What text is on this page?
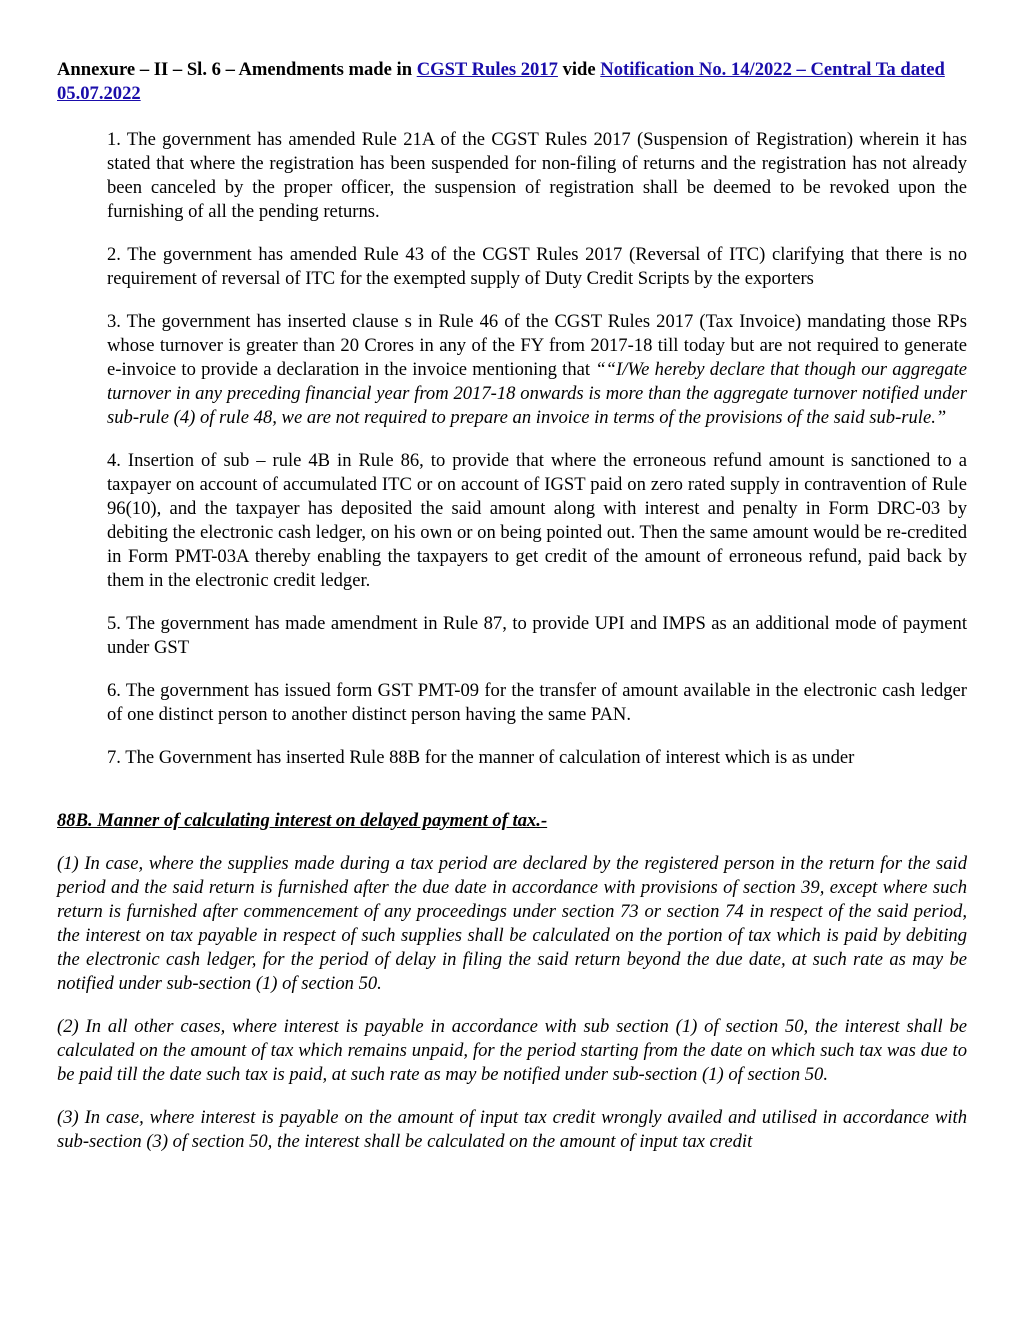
Annexure – II – Sl. 6 – Amendments made in CGST Rules 2017 vide Notification No. 14/2022 – Central Ta dated 05.07.2022

1. The government has amended Rule 21A of the CGST Rules 2017 (Suspension of Registration) wherein it has stated that where the registration has been suspended for non-filing of returns and the registration has not already been canceled by the proper officer, the suspension of registration shall be deemed to be revoked upon the furnishing of all the pending returns.

2. The government has amended Rule 43 of the CGST Rules 2017 (Reversal of ITC) clarifying that there is no requirement of reversal of ITC for the exempted supply of Duty Credit Scripts by the exporters

3. The government has inserted clause s in Rule 46 of the CGST Rules 2017 (Tax Invoice) mandating those RPs whose turnover is greater than 20 Crores in any of the FY from 2017-18 till today but are not required to generate e-invoice to provide a declaration in the invoice mentioning that ““I/We hereby declare that though our aggregate turnover in any preceding financial year from 2017-18 onwards is more than the aggregate turnover notified under sub-rule (4) of rule 48, we are not required to prepare an invoice in terms of the provisions of the said sub-rule.”

4. Insertion of sub – rule 4B in Rule 86, to provide that where the erroneous refund amount is sanctioned to a taxpayer on account of accumulated ITC or on account of IGST paid on zero rated supply in contravention of Rule 96(10), and the taxpayer has deposited the said amount along with interest and penalty in Form DRC-03 by debiting the electronic cash ledger, on his own or on being pointed out. Then the same amount would be re-credited in Form PMT-03A thereby enabling the taxpayers to get credit of the amount of erroneous refund, paid back by them in the electronic credit ledger.

5. The government has made amendment in Rule 87, to provide UPI and IMPS as an additional mode of payment under GST

6. The government has issued form GST PMT-09 for the transfer of amount available in the electronic cash ledger of one distinct person to another distinct person having the same PAN.

7. The Government has inserted Rule 88B for the manner of calculation of interest which is as under

88B. Manner of calculating interest on delayed payment of tax.-

(1) In case, where the supplies made during a tax period are declared by the registered person in the return for the said period and the said return is furnished after the due date in accordance with provisions of section 39, except where such return is furnished after commencement of any proceedings under section 73 or section 74 in respect of the said period, the interest on tax payable in respect of such supplies shall be calculated on the portion of tax which is paid by debiting the electronic cash ledger, for the period of delay in filing the said return beyond the due date, at such rate as may be notified under sub-section (1) of section 50.

(2) In all other cases, where interest is payable in accordance with sub section (1) of section 50, the interest shall be calculated on the amount of tax which remains unpaid, for the period starting from the date on which such tax was due to be paid till the date such tax is paid, at such rate as may be notified under sub-section (1) of section 50.

(3) In case, where interest is payable on the amount of input tax credit wrongly availed and utilised in accordance with sub-section (3) of section 50, the interest shall be calculated on the amount of input tax credit
